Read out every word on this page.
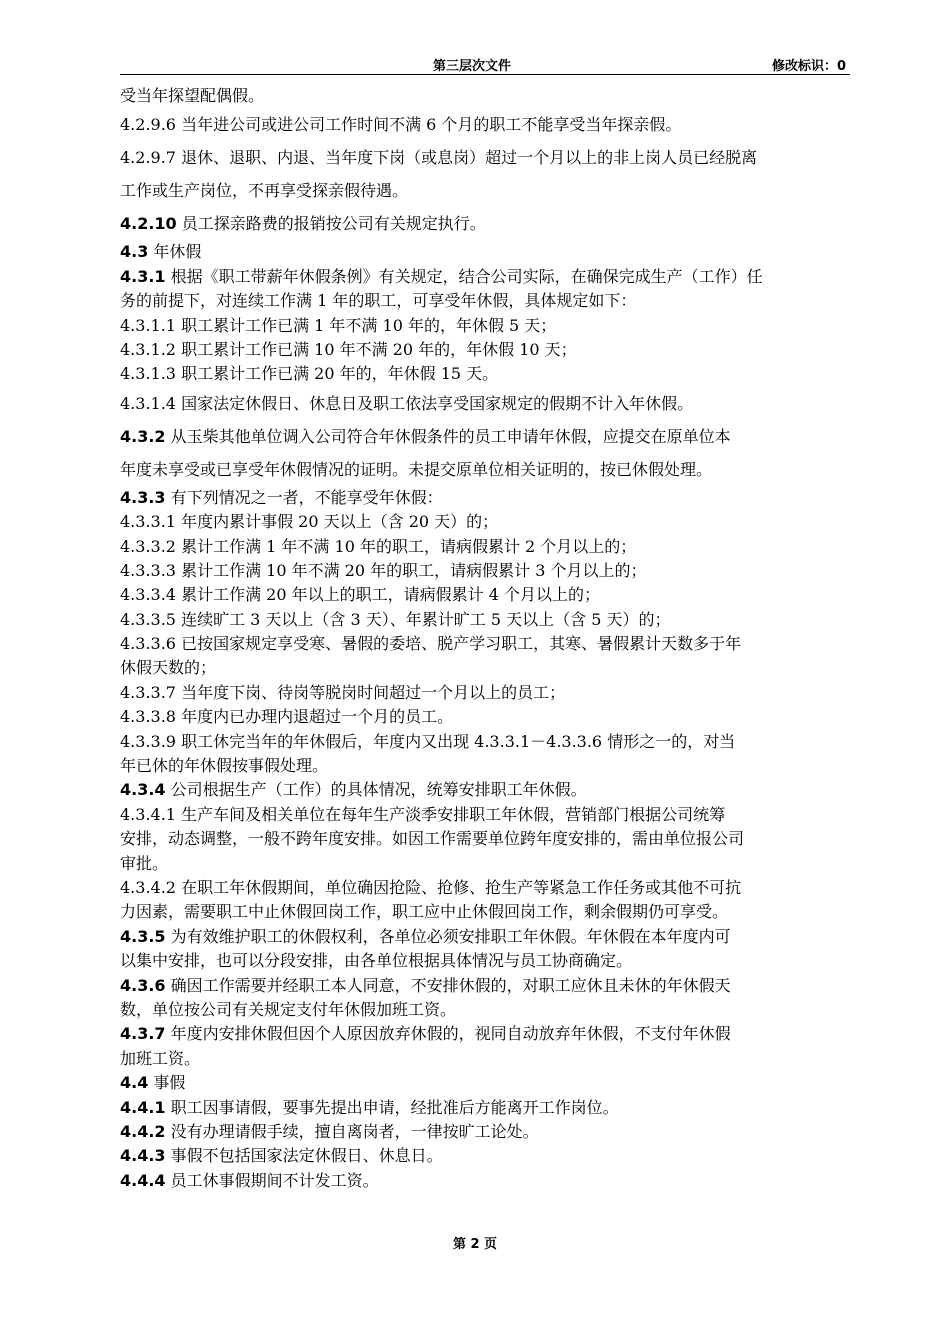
第三层次文件	修改标识：0
受当年探望配偶假。
4.2.9.6 当年进公司或进公司工作时间不满 6 个月的职工不能享受当年探亲假。
4.2.9.7 退休、退职、内退、当年度下岗（或息岗）超过一个月以上的非上岗人员已经脱离
工作或生产岗位，不再享受探亲假待遇。
4.2.10 员工探亲路费的报销按公司有关规定执行。
4.3 年休假
4.3.1 根据《职工带薪年休假条例》有关规定，结合公司实际，在确保完成生产（工作）任
务的前提下，对连续工作满 1 年的职工，可享受年休假，具体规定如下：
4.3.1.1 职工累计工作已满 1 年不满 10 年的，年休假 5 天；
4.3.1.2 职工累计工作已满 10 年不满 20 年的，年休假 10 天；
4.3.1.3 职工累计工作已满 20 年的，年休假 15 天。
4.3.1.4 国家法定休假日、休息日及职工依法享受国家规定的假期不计入年休假。
4.3.2 从玉柴其他单位调入公司符合年休假条件的员工申请年休假，应提交在原单位本
年度未享受或已享受年休假情况的证明。未提交原单位相关证明的，按已休假处理。
4.3.3 有下列情况之一者，不能享受年休假：
4.3.3.1 年度内累计事假 20 天以上（含 20 天）的；
4.3.3.2 累计工作满 1 年不满 10 年的职工，请病假累计 2 个月以上的；
4.3.3.3 累计工作满 10 年不满 20 年的职工，请病假累计 3 个月以上的；
4.3.3.4 累计工作满 20 年以上的职工，请病假累计 4 个月以上的；
4.3.3.5 连续旷工 3 天以上（含 3 天）、年累计旷工 5 天以上（含 5 天）的；
4.3.3.6 已按国家规定享受寒、暑假的委培、脱产学习职工，其寒、暑假累计天数多于年
休假天数的；
4.3.3.7 当年度下岗、待岗等脱岗时间超过一个月以上的员工；
4.3.3.8 年度内已办理内退超过一个月的员工。
4.3.3.9 职工休完当年的年休假后，年度内又出现 4.3.3.1－4.3.3.6 情形之一的，对当
年已休的年休假按事假处理。
4.3.4 公司根据生产（工作）的具体情况，统筹安排职工年休假。
4.3.4.1 生产车间及相关单位在每年生产淡季安排职工年休假，营销部门根据公司统筹
安排，动态调整，一般不跨年度安排。如因工作需要单位跨年度安排的，需由单位报公司
审批。
4.3.4.2 在职工年休假期间，单位确因抢险、抢修、抢生产等紧急工作任务或其他不可抗
力因素，需要职工中止休假回岗工作，职工应中止休假回岗工作，剩余假期仍可享受。
4.3.5 为有效维护职工的休假权利，各单位必须安排职工年休假。年休假在本年度内可
以集中安排，也可以分段安排，由各单位根据具体情况与员工协商确定。
4.3.6 确因工作需要并经职工本人同意，不安排休假的，对职工应休且未休的年休假天
数，单位按公司有关规定支付年休假加班工资。
4.3.7 年度内安排休假但因个人原因放弃休假的，视同自动放弃年休假，不支付年休假
加班工资。
4.4 事假
4.4.1 职工因事请假，要事先提出申请，经批准后方能离开工作岗位。
4.4.2 没有办理请假手续，擅自离岗者，一律按旷工论处。
4.4.3 事假不包括国家法定休假日、休息日。
4.4.4 员工休事假期间不计发工资。
第 2 页
